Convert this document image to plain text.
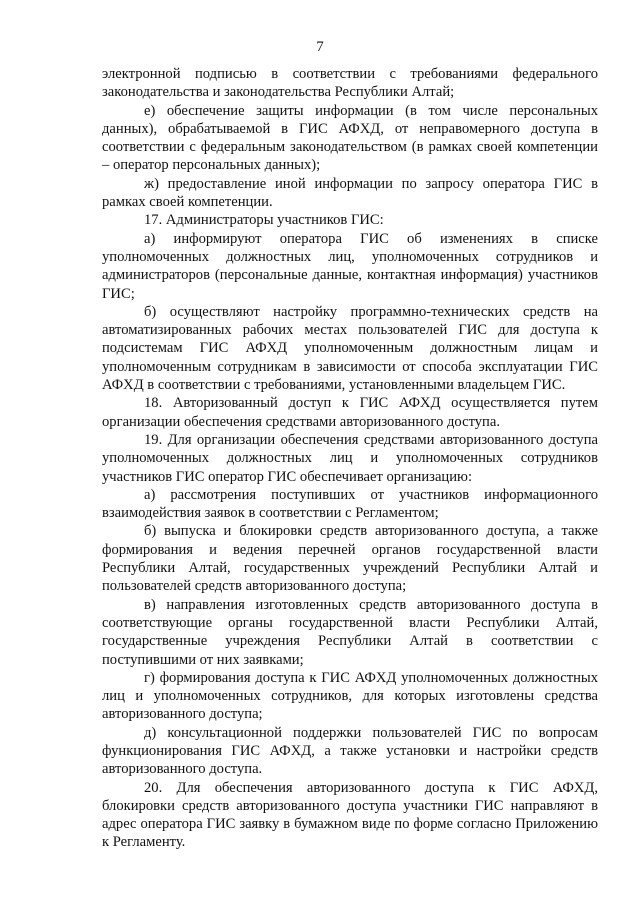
7

электронной подписью в соответствии с требованиями федерального законодательства и законодательства Республики Алтай;

е) обеспечение защиты информации (в том числе персональных данных), обрабатываемой в ГИС АФХД, от неправомерного доступа в соответствии с федеральным законодательством (в рамках своей компетенции – оператор персональных данных);

ж) предоставление иной информации по запросу оператора ГИС в рамках своей компетенции.

17. Администраторы участников ГИС:

а) информируют оператора ГИС об изменениях в списке уполномоченных должностных лиц, уполномоченных сотрудников и администраторов (персональные данные, контактная информация) участников ГИС;

б) осуществляют настройку программно-технических средств на автоматизированных рабочих местах пользователей ГИС для доступа к подсистемам ГИС АФХД уполномоченным должностным лицам и уполномоченным сотрудникам в зависимости от способа эксплуатации ГИС АФХД в соответствии с требованиями, установленными владельцем ГИС.

18. Авторизованный доступ к ГИС АФХД осуществляется путем организации обеспечения средствами авторизованного доступа.

19. Для организации обеспечения средствами авторизованного доступа уполномоченных должностных лиц и уполномоченных сотрудников участников ГИС оператор ГИС обеспечивает организацию:

а) рассмотрения поступивших от участников информационного взаимодействия заявок в соответствии с Регламентом;

б) выпуска и блокировки средств авторизованного доступа, а также формирования и ведения перечней органов государственной власти Республики Алтай, государственных учреждений Республики Алтай и пользователей средств авторизованного доступа;

в) направления изготовленных средств авторизованного доступа в соответствующие органы государственной власти Республики Алтай, государственные учреждения Республики Алтай в соответствии с поступившими от них заявками;

г) формирования доступа к ГИС АФХД уполномоченных должностных лиц и уполномоченных сотрудников, для которых изготовлены средства авторизованного доступа;

д) консультационной поддержки пользователей ГИС по вопросам функционирования ГИС АФХД, а также установки и настройки средств авторизованного доступа.

20. Для обеспечения авторизованного доступа к ГИС АФХД, блокировки средств авторизованного доступа участники ГИС направляют в адрес оператора ГИС заявку в бумажном виде по форме согласно Приложению к Регламенту.
